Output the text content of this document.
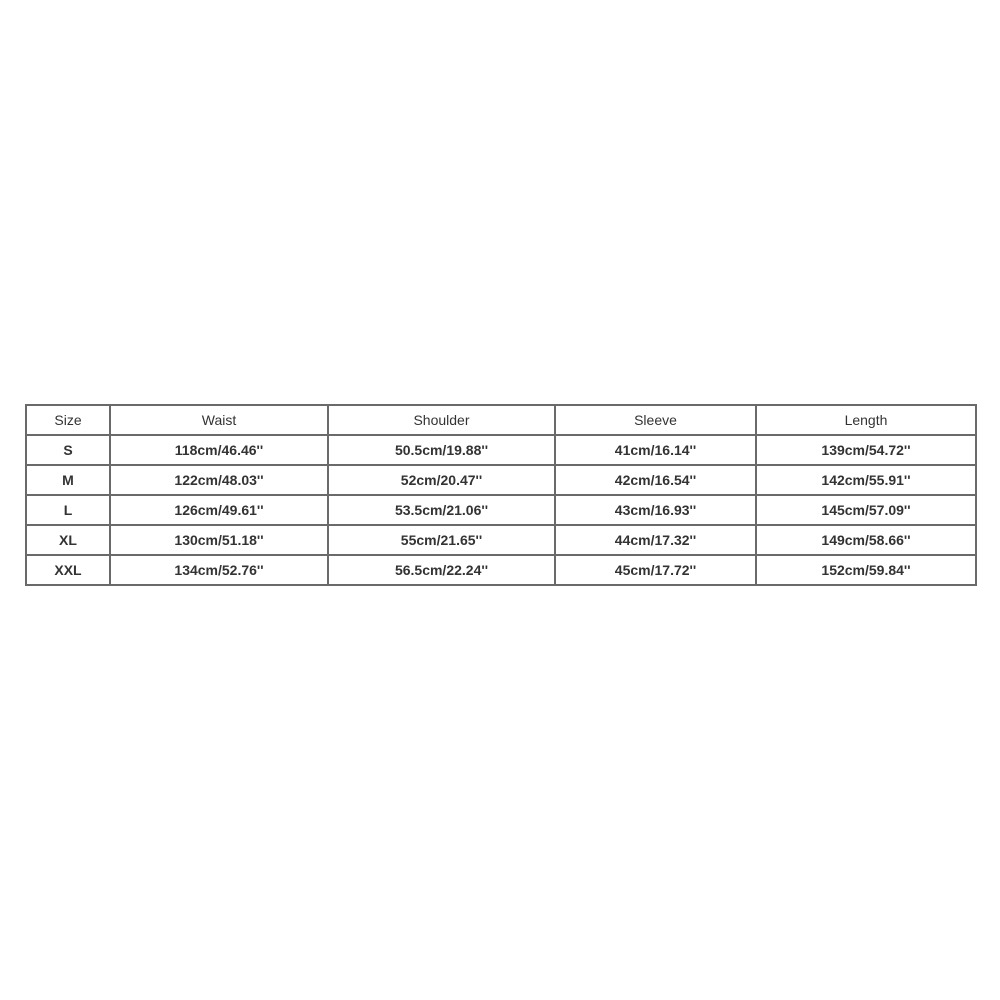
Size	Waist	Shoulder	Sleeve	Length
S	118cm/46.46''	50.5cm/19.88''	41cm/16.14''	139cm/54.72''
M	122cm/48.03''	52cm/20.47''	42cm/16.54''	142cm/55.91''
L	126cm/49.61''	53.5cm/21.06''	43cm/16.93''	145cm/57.09''
XL	130cm/51.18''	55cm/21.65''	44cm/17.32''	149cm/58.66''
XXL	134cm/52.76''	56.5cm/22.24''	45cm/17.72''	152cm/59.84''
